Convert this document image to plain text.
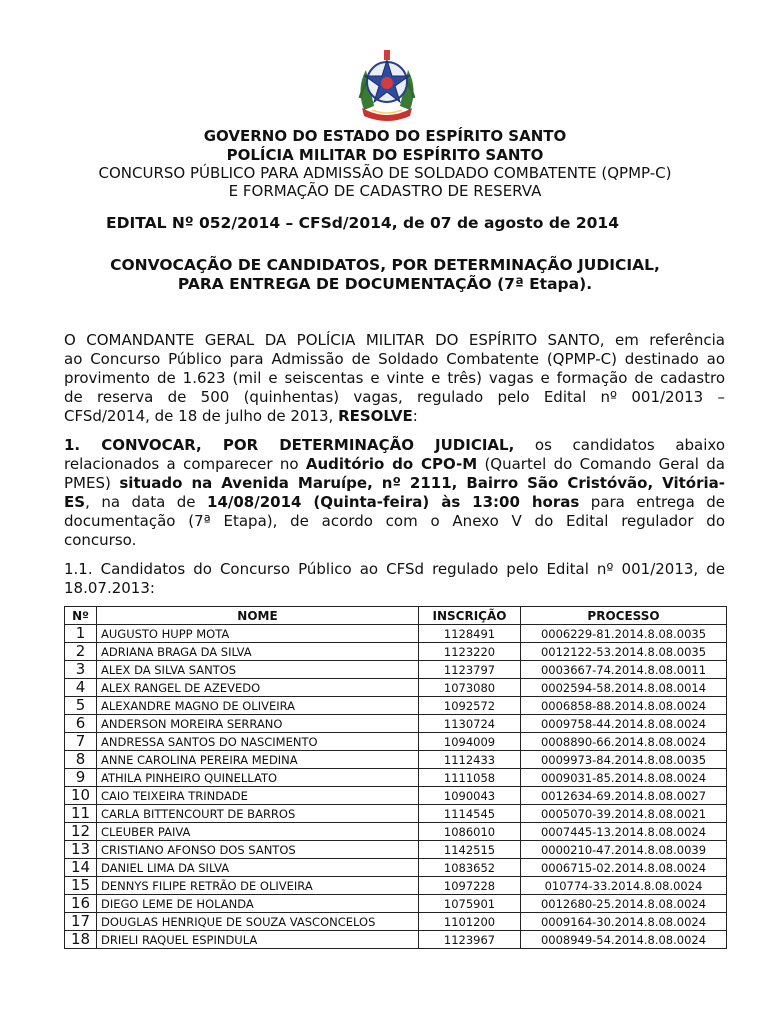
GOVERNO DO ESTADO DO ESPÍRITO SANTO
POLÍCIA MILITAR DO ESPÍRITO SANTO
CONCURSO PÚBLICO PARA ADMISSÃO DE SOLDADO COMBATENTE (QPMP-C)
E FORMAÇÃO DE CADASTRO DE RESERVA
EDITAL Nº 052/2014 – CFSd/2014, de 07 de agosto de 2014
CONVOCAÇÃO DE CANDIDATOS, POR DETERMINAÇÃO JUDICIAL,
PARA ENTREGA DE DOCUMENTAÇÃO (7ª Etapa).
O COMANDANTE GERAL DA POLÍCIA MILITAR DO ESPÍRITO SANTO, em referência
ao Concurso Público para Admissão de Soldado Combatente (QPMP-C) destinado ao
provimento de 1.623 (mil e seiscentas e vinte e três) vagas e formação de cadastro
de reserva de 500 (quinhentas) vagas, regulado pelo Edital nº 001/2013 –
CFSd/2014, de 18 de julho de 2013, RESOLVE:
1. CONVOCAR, POR DETERMINAÇÃO JUDICIAL, os candidatos abaixo
relacionados a comparecer no Auditório do CPO-M (Quartel do Comando Geral da
PMES) situado na Avenida Maruípe, nº 2111, Bairro São Cristóvão, Vitória-
ES, na data de 14/08/2014 (Quinta-feira) às 13:00 horas para entrega de
documentação (7ª Etapa), de acordo com o Anexo V do Edital regulador do
concurso.
1.1. Candidatos do Concurso Público ao CFSd regulado pelo Edital nº 001/2013, de
18.07.2013:
Nº	NOME	INSCRIÇÃO	PROCESSO
1	AUGUSTO HUPP MOTA	1128491	0006229-81.2014.8.08.0035
2	ADRIANA BRAGA DA SILVA	1123220	0012122-53.2014.8.08.0035
3	ALEX DA SILVA SANTOS	1123797	0003667-74.2014.8.08.0011
4	ALEX RANGEL DE AZEVEDO	1073080	0002594-58.2014.8.08.0014
5	ALEXANDRE MAGNO DE OLIVEIRA	1092572	0006858-88.2014.8.08.0024
6	ANDERSON MOREIRA SERRANO	1130724	0009758-44.2014.8.08.0024
7	ANDRESSA SANTOS DO NASCIMENTO	1094009	0008890-66.2014.8.08.0024
8	ANNE CAROLINA PEREIRA MEDINA	1112433	0009973-84.2014.8.08.0035
9	ATHILA PINHEIRO QUINELLATO	1111058	0009031-85.2014.8.08.0024
10	CAIO TEIXEIRA TRINDADE	1090043	0012634-69.2014.8.08.0027
11	CARLA BITTENCOURT DE BARROS	1114545	0005070-39.2014.8.08.0021
12	CLEUBER PAIVA	1086010	0007445-13.2014.8.08.0024
13	CRISTIANO AFONSO DOS SANTOS	1142515	0000210-47.2014.8.08.0039
14	DANIEL LIMA DA SILVA	1083652	0006715-02.2014.8.08.0024
15	DENNYS FILIPE RETRÃO DE OLIVEIRA	1097228	010774-33.2014.8.08.0024
16	DIEGO LEME DE HOLANDA	1075901	0012680-25.2014.8.08.0024
17	DOUGLAS HENRIQUE DE SOUZA VASCONCELOS	1101200	0009164-30.2014.8.08.0024
18	DRIELI RAQUEL ESPINDULA	1123967	0008949-54.2014.8.08.0024
